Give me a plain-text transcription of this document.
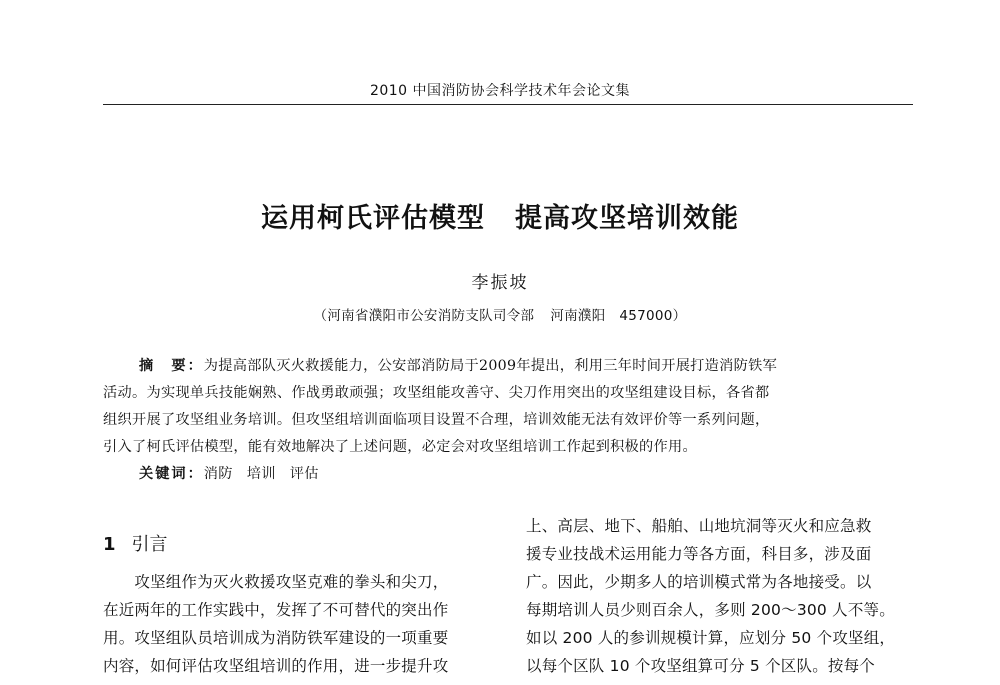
2010 中国消防协会科学技术年会论文集
运用柯氏评估模型 提高攻坚培训效能
李振坡
（河南省濮阳市公安消防支队司令部 河南濮阳　457000）
摘　要：为提高部队灭火救援能力，公安部消防局于2009年提出，利用三年时间开展打造消防铁军
活动。为实现单兵技能娴熟、作战勇敢顽强；攻坚组能攻善守、尖刀作用突出的攻坚组建设目标，各省都
组织开展了攻坚组业务培训。但攻坚组培训面临项目设置不合理，培训效能无法有效评价等一系列问题，
引入了柯氏评估模型，能有效地解决了上述问题，必定会对攻坚组培训工作起到积极的作用。
关键词：消防 培训 评估
1 引言
　　攻坚组作为灭火救援攻坚克难的拳头和尖刀，
在近两年的工作实践中，发挥了不可替代的突出作
用。攻坚组队员培训成为消防铁军建设的一项重要
内容，如何评估攻坚组培训的作用，进一步提升攻
上、高层、地下、船舶、山地坑洞等灭火和应急救
援专业技战术运用能力等各方面，科目多，涉及面
广。因此，少期多人的培训模式常为各地接受。以
每期培训人员少则百余人，多则 200～300 人不等。
如以 200 人的参训规模计算，应划分 50 个攻坚组，
以每个区队 10 个攻坚组算可分 5 个区队。按每个
